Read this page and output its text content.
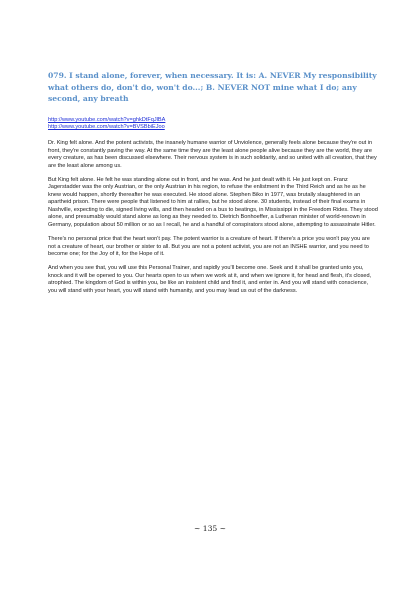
079. I stand alone, forever, when necessary. It is: A. NEVER My responsibility what others do, don't do, won't do...; B. NEVER NOT mine what I do; any second, any breath
http://www.youtube.com/watch?v=ghkDtFqJlBA
http://www.youtube.com/watch?v=BVSBbiEJoo

Dr. King felt alone. And the potent activists, the insanely humane warrior of Unviolence, generally feels alone because they're out in front, they're constantly paving the way. At the same time they are the least alone people alive because they are the world, they are every creature, as has been discussed elsewhere. Their nervous system is in such solidarity, and so united with all creation, that they are the least alone among us.

But King felt alone. He felt he was standing alone out in front, and he was. And he just dealt with it. He just kept on. Franz Jagerstadder was the only Austrian, or the only Austrian in his region, to refuse the enlistment in the Third Reich and as he as he knew would happen, shortly thereafter he was executed. He stood alone. Stephen Biko in 1977, was brutally slaughtered in an apartheid prison. There were people that listened to him at rallies, but he stood alone. 30 students, instead of their final exams in Nashville, expecting to die, signed living wills, and then headed on a bus to beatings, in Mississippi in the Freedom Rides. They stood alone, and presumably would stand alone as long as they needed to. Dietrich Bonhoeffer, a Lutheran minister of world-renown in Germany, population about 50 million or so as I recall, he and a handful of conspirators stood alone, attempting to assassinate Hitler.

There's no personal price that the heart won't pay. The potent warrior is a creature of heart. If there's a price you won't pay you are not a creature of heart, our brother or sister to all. But you are not a potent activist, you are not an INSHE warrior, and you need to become one; for the Joy of it, for the Hope of it.

And when you see that, you will use this Personal Trainer, and rapidly you'll become one. Seek and it shall be granted unto you, knock and it will be opened to you. Our hearts open to us when we work at it, and when we ignore it, for head and flesh, it's closed, atrophied. The kingdom of God is within you, be like an insistent child and find it, and enter in. And you will stand with conscience, you will stand with your heart, you will stand with humanity, and you may lead us out of the darkness.

~ 135 ~
